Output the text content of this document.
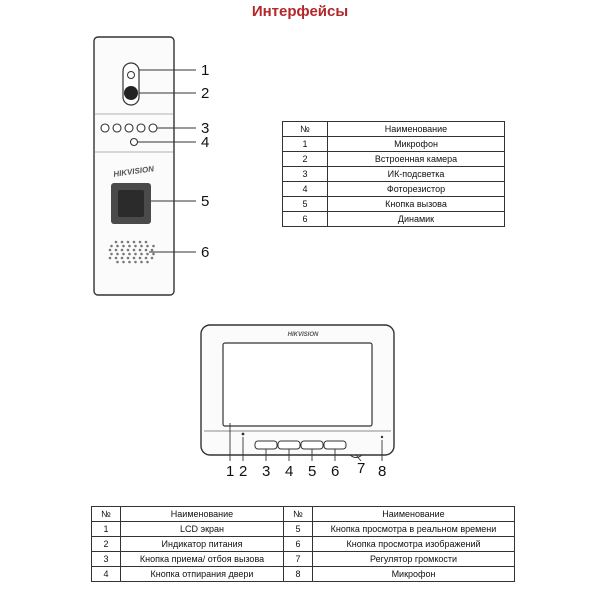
Интерфейсы
HIKVISION
1
2
3
4
5
6
HIKVISION
1 2 3 4 5 6 7 8
№	Наименование
1	Микрофон
2	Встроенная камера
3	ИК-подсветка
4	Фоторезистор
5	Кнопка вызова
6	Динамик
№	Наименование	№	Наименование
1	LCD экран	5	Кнопка просмотра в реальном времени
2	Индикатор питания	6	Кнопка просмотра изображений
3	Кнопка приема/ отбоя вызова	7	Регулятор громкости
4	Кнопка отпирания двери	8	Микрофон
